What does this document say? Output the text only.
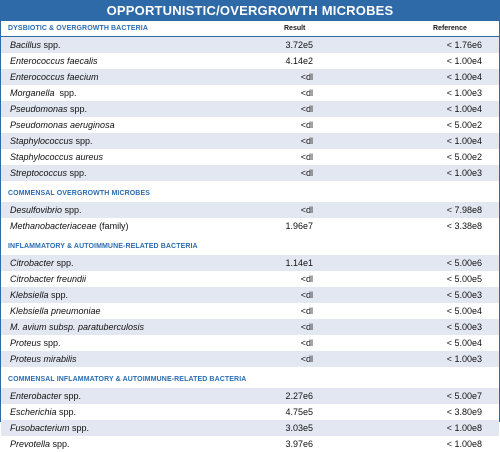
OPPORTUNISTIC/OVERGROWTH MICROBES
DYSBIOTIC & OVERGROWTH BACTERIA	Result	Reference
Bacillus spp.	3.72e5	< 1.76e6
Enterococcus faecalis	4.14e2	< 1.00e4
Enterococcus faecium	<dl	< 1.00e4
Morganella  spp.	<dl	< 1.00e3
Pseudomonas spp.	<dl	< 1.00e4
Pseudomonas aeruginosa	<dl	< 5.00e2
Staphylococcus spp.	<dl	< 1.00e4
Staphylococcus aureus	<dl	< 5.00e2
Streptococcus spp.	<dl	< 1.00e3
COMMENSAL OVERGROWTH MICROBES
Desulfovibrio spp.	<dl	< 7.98e8
Methanobacteriaceae (family)	1.96e7	< 3.38e8
INFLAMMATORY & AUTOIMMUNE-RELATED BACTERIA
Citrobacter spp.	1.14e1	< 5.00e6
Citrobacter freundii	<dl	< 5.00e5
Klebsiella spp.	<dl	< 5.00e3
Klebsiella pneumoniae	<dl	< 5.00e4
M. avium subsp. paratuberculosis	<dl	< 5.00e3
Proteus spp.	<dl	< 5.00e4
Proteus mirabilis	<dl	< 1.00e3
COMMENSAL INFLAMMATORY & AUTOIMMUNE-RELATED BACTERIA
Enterobacter spp.	2.27e6	< 5.00e7
Escherichia spp.	4.75e5	< 3.80e9
Fusobacterium spp.	3.03e5	< 1.00e8
Prevotella spp.	3.97e6	< 1.00e8
